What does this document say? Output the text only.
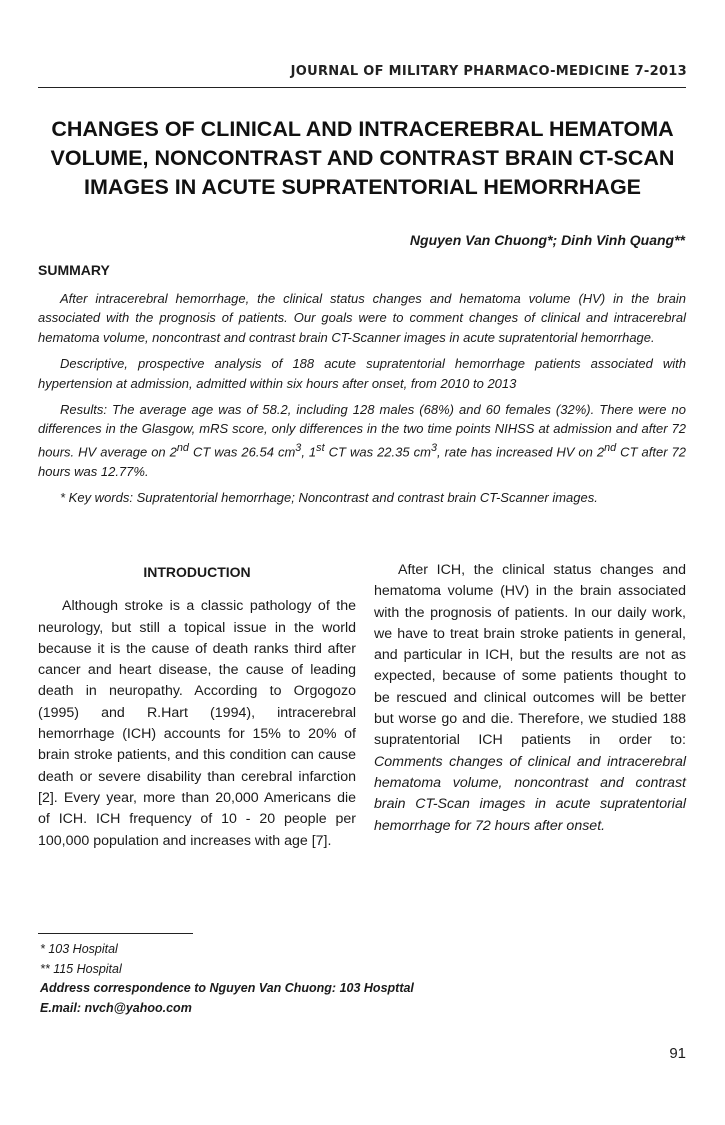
JOURNAL OF MILITARY PHARMACO-MEDICINE 7-2013
CHANGES OF CLINICAL AND INTRACEREBRAL HEMATOMA
VOLUME, NONCONTRAST AND CONTRAST BRAIN CT-SCAN
IMAGES IN ACUTE SUPRATENTORIAL HEMORRHAGE
Nguyen Van Chuong*; Dinh Vinh Quang**
SUMMARY

After intracerebral hemorrhage, the clinical status changes and hematoma volume (HV) in the brain associated with the prognosis of patients. Our goals were to comment changes of clinical and intracerebral hematoma volume, noncontrast and contrast brain CT-Scanner images in acute supratentorial hemorrhage.

Descriptive, prospective analysis of 188 acute supratentorial hemorrhage patients associated with hypertension at admission, admitted within six hours after onset, from 2010 to 2013

Results: The average age was of 58.2, including 128 males (68%) and 60 females (32%). There were no differences in the Glasgow, mRS score, only differences in the two time points NIHSS at admission and after 72 hours. HV average on 2nd CT was 26.54 $cm^3$, 1st CT was 22.35 $cm^3$, rate has increased HV on 2nd CT after 72 hours was 12.77%.

* Key words: Supratentorial hemorrhage; Noncontrast and contrast brain CT-Scanner images.

INTRODUCTION

Although stroke is a classic pathology of the neurology, but still a topical issue in the world because it is the cause of death ranks third after cancer and heart disease, the cause of leading death in neuropathy. According to Orgogozo (1995) and R.Hart (1994), intracerebral hemorrhage (ICH) accounts for 15% to 20% of brain stroke patients, and this condition can cause death or severe disability than cerebral infarction [2]. Every year, more than 20,000 Americans die of ICH. ICH frequency of 10 - 20 people per 100,000 population and increases with age [7].

After ICH, the clinical status changes and hematoma volume (HV) in the brain associated with the prognosis of patients. In our daily work, we have to treat brain stroke patients in general, and particular in ICH, but the results are not as expected, because of some patients thought to be rescued and clinical outcomes will be better but worse go and die. Therefore, we studied 188 supratentorial ICH patients in order to: Comments changes of clinical and intracerebral hematoma volume, noncontrast and contrast brain CT-Scan images in acute supratentorial hemorrhage for 72 hours after onset.

* 103 Hospital
** 115 Hospital
Address correspondence to Nguyen Van Chuong: 103 Hospttal
E.mail: nvch@yahoo.com
91
